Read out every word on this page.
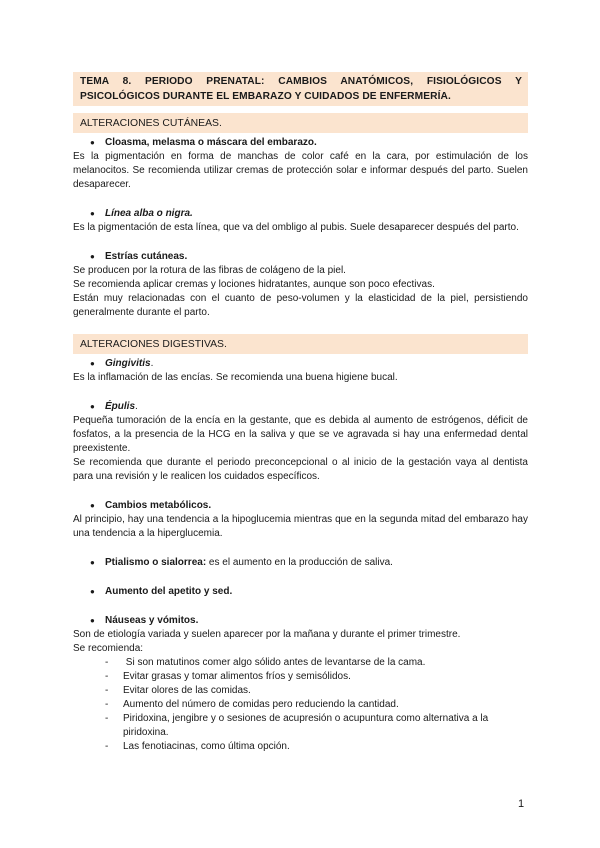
TEMA 8. PERIODO PRENATAL: CAMBIOS ANATÓMICOS, FISIOLÓGICOS Y PSICOLÓGICOS DURANTE EL EMBARAZO Y CUIDADOS DE ENFERMERÍA.
ALTERACIONES CUTÁNEAS.
●	Cloasma, melasma o máscara del embarazo.

Es la pigmentación en forma de manchas de color café en la cara, por estimulación de los melanocitos. Se recomienda utilizar cremas de protección solar e informar después del parto. Suelen desaparecer.

●	Línea alba o nigra.

Es la pigmentación de esta línea, que va del ombligo al pubis. Suele desaparecer después del parto.

●	Estrías cutáneas.

Se producen por la rotura de las fibras de colágeno de la piel.

Se recomienda aplicar cremas y lociones hidratantes, aunque son poco efectivas.

Están muy relacionadas con el cuanto de peso-volumen y la elasticidad de la piel, persistiendo generalmente durante el parto.

ALTERACIONES DIGESTIVAS.
●	Gingivitis .

Es la inflamación de las encías. Se recomienda una buena higiene bucal.

●	Épulis .

Pequeña tumoración de la encía en la gestante, que es debida al aumento de estrógenos, déficit de fosfatos, a la presencia de la HCG en la saliva y que se ve agravada si hay una enfermedad dental preexistente.

Se recomienda que durante el periodo preconcepcional o al inicio de la gestación vaya al dentista para una revisión y le realicen los cuidados específicos.

●	Cambios metabólicos.

Al principio, hay una tendencia a la hipoglucemia mientras que en la segunda mitad del embarazo hay una tendencia a la hiperglucemia.

●	Ptialismo o sialorrea: es el aumento en la producción de saliva.
●	Aumento del apetito y sed.
●	Náuseas y vómitos.

Son de etiología variada y suelen aparecer por la mañana y durante el primer trimestre.

Se recomienda:

-	Si son matutinos comer algo sólido antes de levantarse de la cama.
-	Evitar grasas y tomar alimentos fríos y semisólidos.
-	Evitar olores de las comidas.
-	Aumento del número de comidas pero reduciendo la cantidad.
-	Piridoxina, jengibre y o sesiones de acupresión o acupuntura como alternativa a la piridoxina.
-	Las fenotiacinas, como última opción.
1
